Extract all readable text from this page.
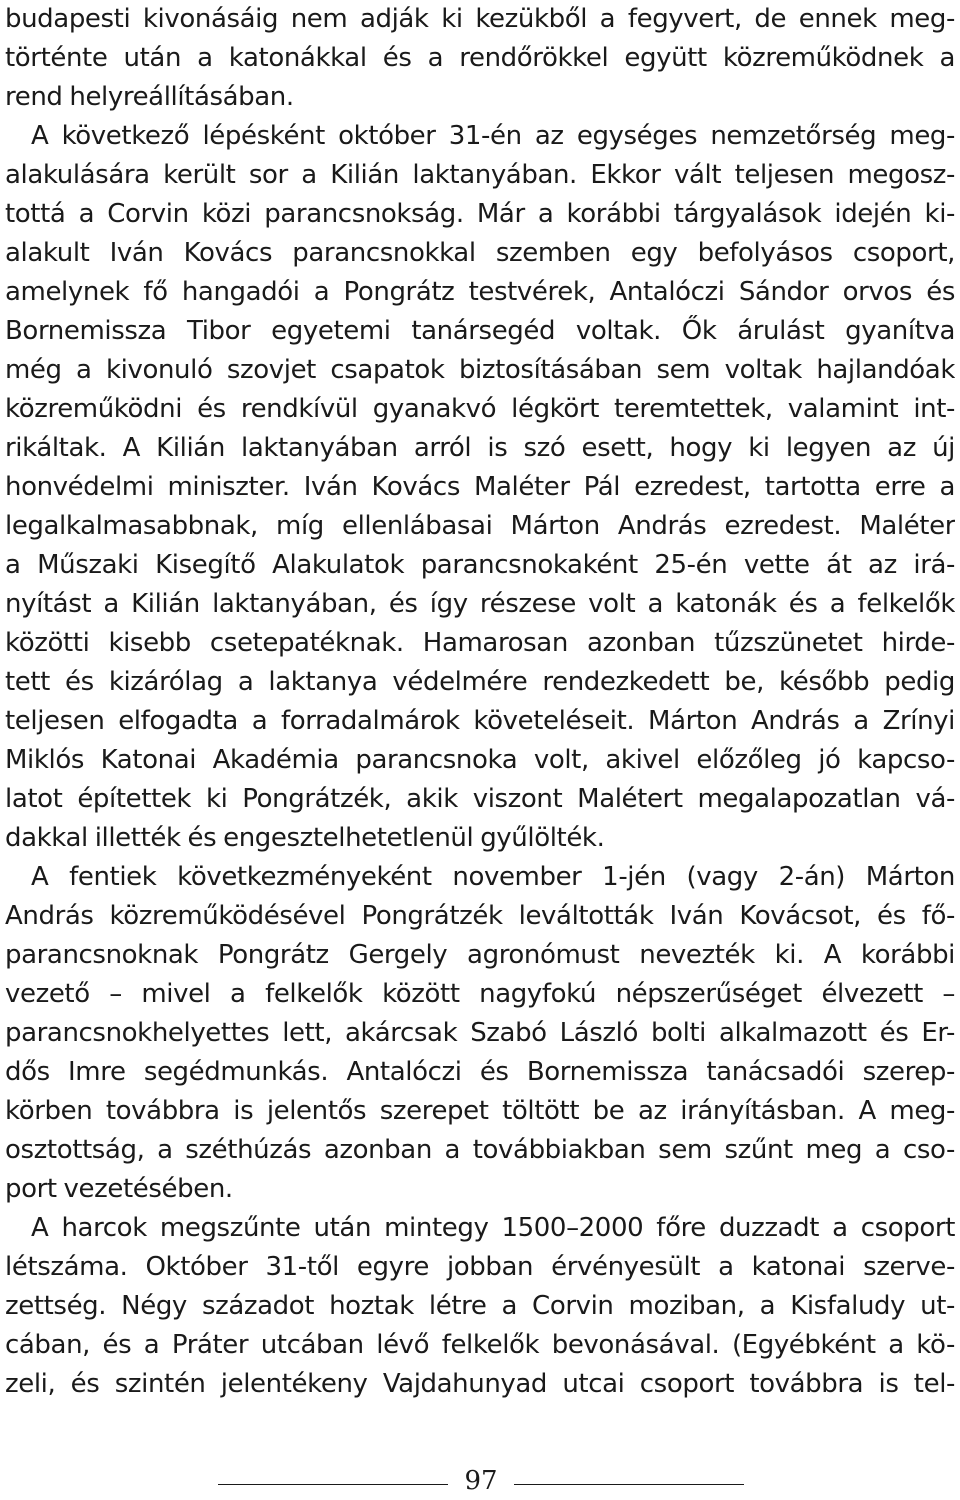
budapesti kivonásáig nem adják ki kezükből a fegyvert, de ennek meg-
történte után a katonákkal és a rendőrökkel együtt közreműködnek a
rend helyreállításában.
A következő lépésként október 31-én az egységes nemzetőrség meg-
alakulására került sor a Kilián laktanyában. Ekkor vált teljesen megosz-
tottá a Corvin közi parancsnokság. Már a korábbi tárgyalások idején ki-
alakult Iván Kovács parancsnokkal szemben egy befolyásos csoport,
amelynek fő hangadói a Pongrátz testvérek, Antalóczi Sándor orvos és
Bornemissza Tibor egyetemi tanársegéd voltak. Ők árulást gyanítva
még a kivonuló szovjet csapatok biztosításában sem voltak hajlandóak
közreműködni és rendkívül gyanakvó légkört teremtettek, valamint int-
rikáltak. A Kilián laktanyában arról is szó esett, hogy ki legyen az új
honvédelmi miniszter. Iván Kovács Maléter Pál ezredest, tartotta erre a
legalkalmasabbnak, míg ellenlábasai Márton András ezredest. Maléter
a Műszaki Kisegítő Alakulatok parancsnokaként 25-én vette át az irá-
nyítást a Kilián laktanyában, és így részese volt a katonák és a felkelők
közötti kisebb csetepatéknak. Hamarosan azonban tűzszünetet hirde-
tett és kizárólag a laktanya védelmére rendezkedett be, később pedig
teljesen elfogadta a forradalmárok követeléseit. Márton András a Zrínyi
Miklós Katonai Akadémia parancsnoka volt, akivel előzőleg jó kapcso-
latot építettek ki Pongrátzék, akik viszont Malétert megalapozatlan vá-
dakkal illették és engesztelhetetlenül gyűlölték.
A fentiek következményeként november 1-jén (vagy 2-án) Márton
András közreműködésével Pongrátzék leváltották Iván Kovácsot, és fő-
parancsnoknak Pongrátz Gergely agronómust nevezték ki. A korábbi
vezető – mivel a felkelők között nagyfokú népszerűséget élvezett –
parancsnokhelyettes lett, akárcsak Szabó László bolti alkalmazott és Er-
dős Imre segédmunkás. Antalóczi és Bornemissza tanácsadói szerep-
körben továbbra is jelentős szerepet töltött be az irányításban. A meg-
osztottság, a széthúzás azonban a továbbiakban sem szűnt meg a cso-
port vezetésében.
A harcok megszűnte után mintegy 1500–2000 főre duzzadt a csoport
létszáma. Október 31-től egyre jobban érvényesült a katonai szerve-
zettség. Négy századot hoztak létre a Corvin moziban, a Kisfaludy ut-
cában, és a Práter utcában lévő felkelők bevonásával. (Egyébként a kö-
zeli, és szintén jelentékeny Vajdahunyad utcai csoport továbbra is tel-
97
